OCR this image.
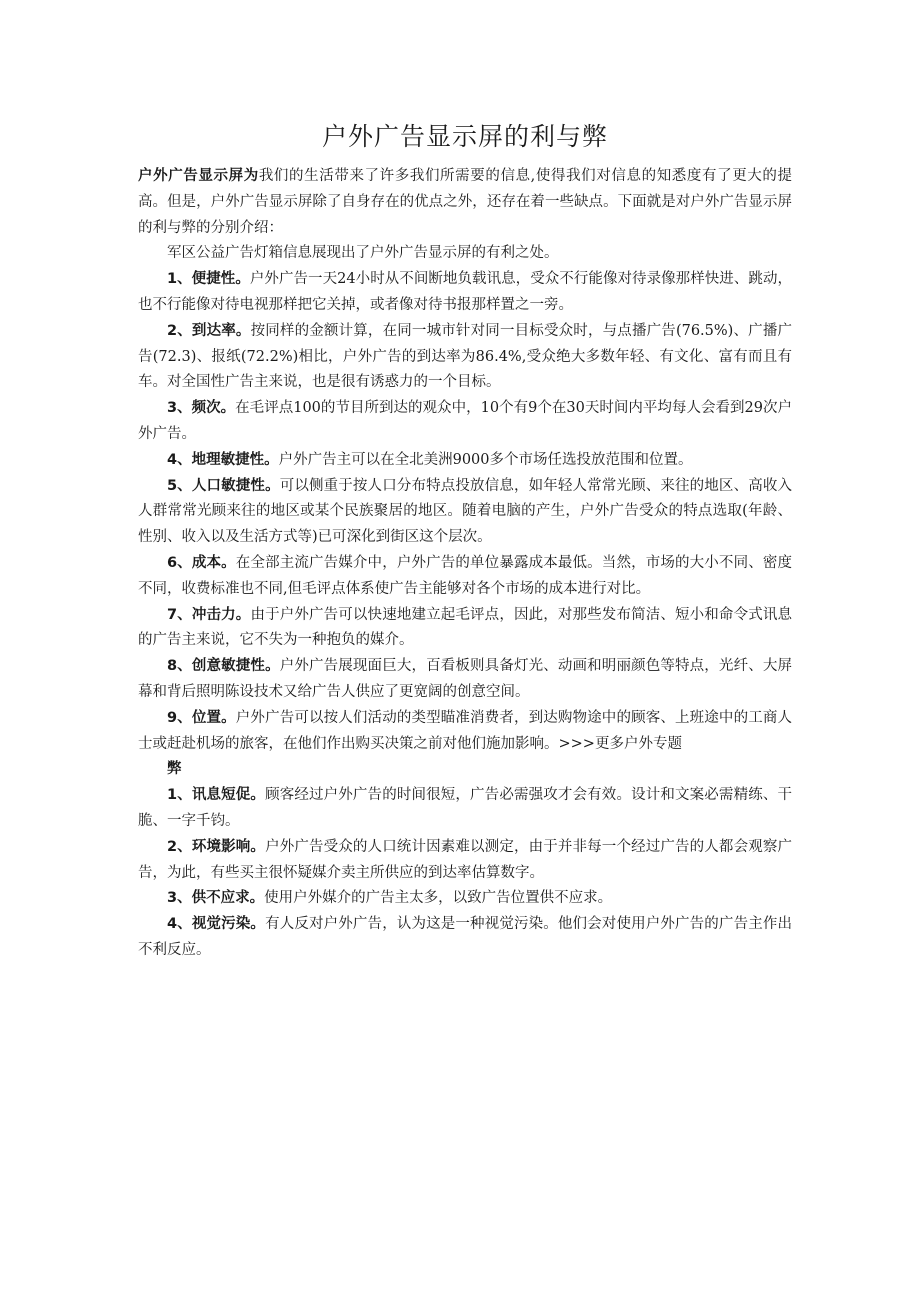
户外广告显示屏的利与弊

户外广告显示屏为我们的生活带来了许多我们所需要的信息,使得我们对信息的知悉度有了更大的提高。但是，户外广告显示屏除了自身存在的优点之外，还存在着一些缺点。下面就是对户外广告显示屏的利与弊的分别介绍：

军区公益广告灯箱信息展现出了户外广告显示屏的有利之处。

1、便捷性。户外广告一天24小时从不间断地负载讯息，受众不行能像对待录像那样快进、跳动，也不行能像对待电视那样把它关掉，或者像对待书报那样置之一旁。

2、到达率。按同样的金额计算，在同一城市针对同一目标受众时，与点播广告(76.5%)、广播广告(72.3)、报纸(72.2%)相比，户外广告的到达率为86.4%,受众绝大多数年轻、有文化、富有而且有车。对全国性广告主来说，也是很有诱惑力的一个目标。

3、频次。在毛评点100的节目所到达的观众中，10个有9个在30天时间内平均每人会看到29次户外广告。

4、地理敏捷性。户外广告主可以在全北美洲9000多个市场任选投放范围和位置。

5、人口敏捷性。可以侧重于按人口分布特点投放信息，如年轻人常常光顾、来往的地区、高收入人群常常光顾来往的地区或某个民族聚居的地区。随着电脑的产生，户外广告受众的特点选取(年龄、性别、收入以及生活方式等)已可深化到街区这个层次。

6、成本。在全部主流广告媒介中，户外广告的单位暴露成本最低。当然，市场的大小不同、密度不同，收费标准也不同,但毛评点体系使广告主能够对各个市场的成本进行对比。

7、冲击力。由于户外广告可以快速地建立起毛评点，因此，对那些发布简洁、短小和命令式讯息的广告主来说，它不失为一种抱负的媒介。

8、创意敏捷性。户外广告展现面巨大，百看板则具备灯光、动画和明丽颜色等特点，光纤、大屏幕和背后照明陈设技术又给广告人供应了更宽阔的创意空间。

9、位置。户外广告可以按人们活动的类型瞄准消费者，到达购物途中的顾客、上班途中的工商人士或赶赴机场的旅客，在他们作出购买决策之前对他们施加影响。>>>更多户外专题

弊

1、讯息短促。顾客经过户外广告的时间很短，广告必需强攻才会有效。设计和文案必需精练、干脆、一字千钧。

2、环境影响。户外广告受众的人口统计因素难以测定，由于并非每一个经过广告的人都会观察广告，为此，有些买主很怀疑媒介卖主所供应的到达率估算数字。

3、供不应求。使用户外媒介的广告主太多，以致广告位置供不应求。

4、视觉污染。有人反对户外广告，认为这是一种视觉污染。他们会对使用户外广告的广告主作出不利反应。
